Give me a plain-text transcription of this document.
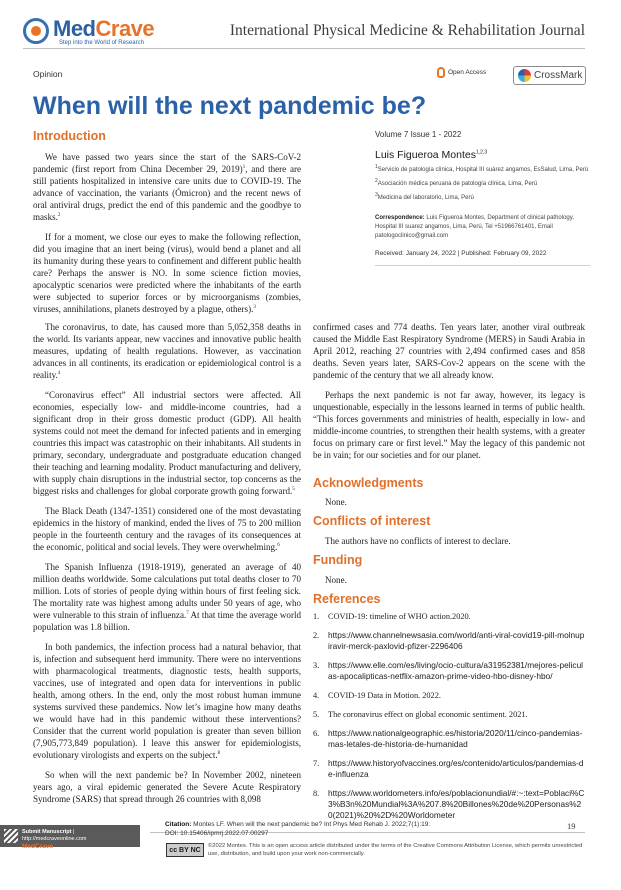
MedCrave
Step into the World of Research
International Physical Medicine & Rehabilitation Journal
Opinion	Open Access	CrossMark
When will the next pandemic be?
Introduction

We have passed two years since the start of the SARS-CoV-2 pandemic (first report from China December 29, 2019)$^1$, and there are still patients hospitalized in intensive care units due to COVID-19. The advance of vaccination, the variants (Ómicron) and the recent news of oral antiviral drugs, predict the end of this pandemic and the goodbye to masks.$^2$

If for a moment, we close our eyes to make the following reflection, did you imagine that an inert being (virus), would bend a planet and all its humanity during these years to confinement and different public health care? Perhaps the answer is NO. In some science fiction movies, apocalyptic scenarios were predicted where the inhabitants of the earth were subjected to superior forces or by microorganisms (zombies, viruses, annihilations, planets destroyed by a plague, others).$^3$

The coronavirus, to date, has caused more than 5,052,358 deaths in the world. Its variants appear, new vaccines and innovative public health measures, updating of health regulations. However, as vaccination advances in all continents, its eradication or epidemiological control is a reality.$^4$

“Coronavirus effect” All industrial sectors were affected. All economies, especially low- and middle-income countries, had a significant drop in their gross domestic product (GDP). All health systems could not meet the demand for infected patients and in emerging countries this impact was catastrophic on their inhabitants. All students in primary, secondary, undergraduate and postgraduate education changed their teaching and learning modality. Product manufacturing and delivery, with supply chain disruptions in the industrial sector, top concerns as the biggest risks and challenges for global corporate growth going forward.$^5$

The Black Death (1347-1351) considered one of the most devastating epidemics in the history of mankind, ended the lives of 75 to 200 million people in the fourteenth century and the ravages of its consequences at the economic, political and social levels. They were overwhelming.$^6$

The Spanish Influenza (1918-1919), generated an average of 40 million deaths worldwide. Some calculations put total deaths closer to 70 million. Lots of stories of people dying within hours of first feeling sick. The mortality rate was highest among adults under 50 years of age, who were vulnerable to this strain of influenza.$^7$ At that time the average world population was 1.8 billion.

In both pandemics, the infection process had a natural behavior, that is, infection and subsequent herd immunity. There were no interventions with pharmacological treatments, diagnostic tests, health supports, vaccines, use of integrated and open data for interventions in public health, among others. In the end, only the most robust human immune systems survived these pandemics. Now let’s imagine how many deaths we would have had in this pandemic without these interventions? Consider that the current world population is greater than seven billion (7,905,773,849 population). I leave this answer for epidemiologists, evolutionary virologists and experts on the subject.$^8$

So when will the next pandemic be? In November 2002, nineteen years ago, a viral epidemic generated the Severe Acute Respiratory Syndrome (SARS) that spread through 26 countries with 8,098

Volume 7 Issue 1 - 2022
Luis Figueroa Montes$^{1,2,3}$
$^1$Servicio de patología clínica, Hospital III suárez angamos, EsSalud, Lima, Perú
$^2$Asociación médica peruana de patología clínica, Lima, Perú
$^3$Medicina del laboratorio, Lima, Perú
Correspondence: Luis Figueroa Montes, Department of clinical pathology, Hospital III suarez angamos, Lima, Perú, Tel +51966761401, Email patologoclinico@gmail.com
Received: January 24, 2022 | Published: February 09, 2022

confirmed cases and 774 deaths. Ten years later, another viral outbreak caused the Middle East Respiratory Syndrome (MERS) in Saudi Arabia in April 2012, reaching 27 countries with 2,494 confirmed cases and 858 deaths. Seven years later, SARS-Cov-2 appears on the scene with the pandemic of the century that we all already know.

Perhaps the next pandemic is not far away, however, its legacy is unquestionable, especially in the lessons learned in terms of public health. “This forces governments and ministries of health, especially in low- and middle-income countries, to strengthen their health systems, with a greater focus on primary care or first level.” May the legacy of this pandemic not be in vain; for our societies and for our planet.

Acknowledgments
None.
Conflicts of interest
The authors have no conflicts of interest to declare.
Funding
None.
References
1. COVID-19: timeline of WHO action.2020.
2. https://www.channelnewsasia.com/world/anti-viral-covid19-pill-molnupiravir-merck-paxlovid-pfizer-2296406
3. https://www.elle.com/es/living/ocio-cultura/a31952381/mejores-peliculas-apocalipticas-netflix-amazon-prime-video-hbo-disney-hbo/
4. COVID-19 Data in Motion. 2022.
5. The coronavirus effect on global economic sentiment. 2021.
6. https://www.nationalgeographic.es/historia/2020/11/cinco-pandemias-mas-letales-de-historia-de-humanidad
7. https://www.historyofvaccines.org/es/contenido/articulos/pandemias-de-influenza
8. https://www.worldometers.info/es/poblacionundial/#:~:text=Poblaci%C3%B3n%20Mundial%3A%207.8%20Billones%20de%20Personas%20(2021)%20%2D%20Worldometer
Submit Manuscript | http://medcraveonline.com
MedCrave
Citation: Montes LF. When will the next pandemic be? Int Phys Med Rehab J. 2022;7(1):19.
DOI: 10.15406/ipmrj.2022.07.00297
19
cc BY NC
©2022 Montes. This is an open access article distributed under the terms of the Creative Commons Attribution License, which permits unrestricted use, distribution, and build upon your work non-commercially.
